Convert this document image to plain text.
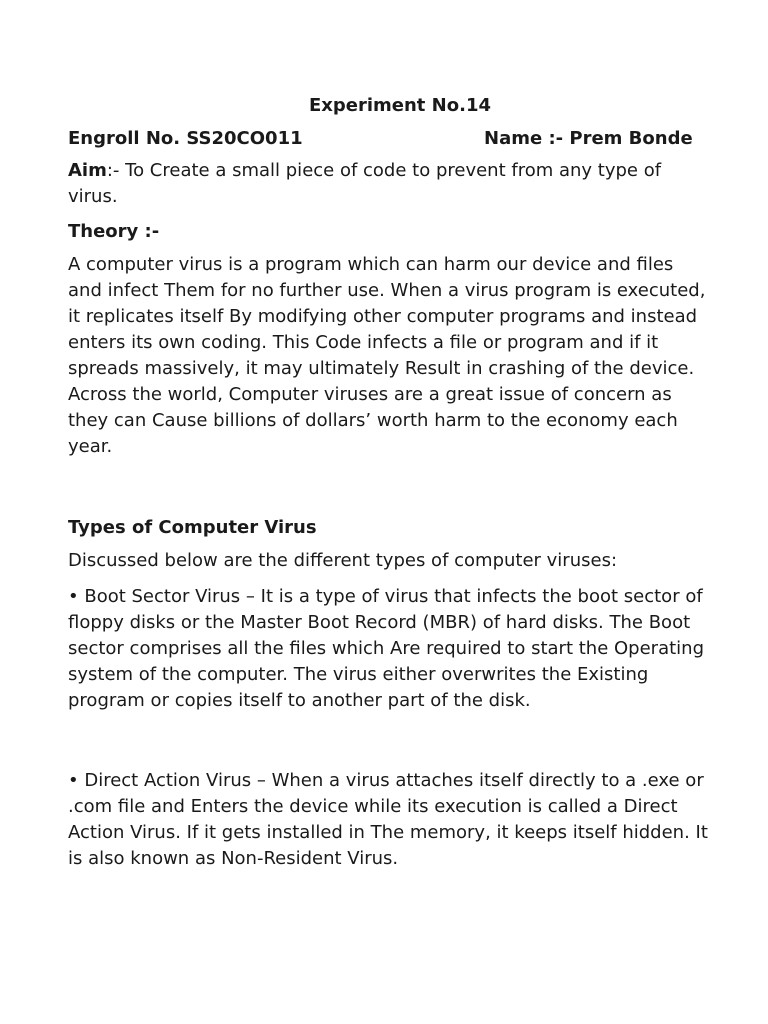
Experiment No.14
Engroll No. SS20CO011	Name :- Prem Bonde

Aim:- To Create a small piece of code to prevent from any type of virus.

Theory :-

A computer virus is a program which can harm our device and files and infect Them for no further use. When a virus program is executed, it replicates itself By modifying other computer programs and instead enters its own coding. This Code infects a file or program and if it spreads massively, it may ultimately Result in crashing of the device. Across the world, Computer viruses are a great issue of concern as they can Cause billions of dollars’ worth harm to the economy each year.

Types of Computer Virus

Discussed below are the different types of computer viruses:

• Boot Sector Virus – It is a type of virus that infects the boot sector of floppy disks or the Master Boot Record (MBR) of hard disks. The Boot sector comprises all the files which Are required to start the Operating system of the computer. The virus either overwrites the Existing program or copies itself to another part of the disk.

• Direct Action Virus – When a virus attaches itself directly to a .exe or .com file and Enters the device while its execution is called a Direct Action Virus. If it gets installed in The memory, it keeps itself hidden. It is also known as Non-Resident Virus.
